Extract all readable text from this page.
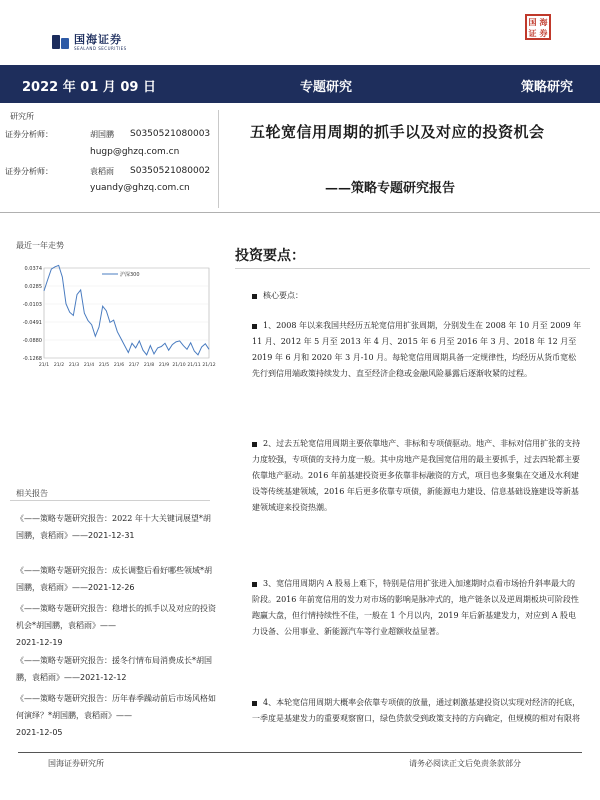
国海证券
SEALAND SECURITIES
国 海
证 券
2022 年 01 月 09 日	专题研究	策略研究
研究所
证券分析师：	胡国鹏 S0350521080003
hugp@ghzq.com.cn
证券分析师：	袁稻雨 S0350521080002
yuandy@ghzq.com.cn
五轮宽信用周期的抓手以及对应的投资机会
——策略专题研究报告
最近一年走势
0.0374
0.0285
-0.0103
-0.0491
-0.0880
-0.1268
21/1 21/2 21/3 21/4 21/5 21/6 21/7 21/8 21/9 21/10 21/11 21/12
沪深300
相关报告
《——策略专题研究报告：2022 年十大关键词展望*胡国鹏，袁稻雨》——2021-12-31
《——策略专题研究报告：成长调整后看好哪些领域*胡国鹏，袁稻雨》——2021-12-26
《——策略专题研究报告：稳增长的抓手以及对应的投资机会*胡国鹏，袁稻雨》——
2021-12-19
《——策略专题研究报告：援冬行情布局消费成长*胡国鹏，袁稻雨》——2021-12-12
《——策略专题研究报告：历年春季躁动前后市场风格如何演绎？*胡国鹏，袁稻雨》——
2021-12-05
投资要点：
核心要点：
1、2008 年以来我国共经历五轮宽信用扩张周期，分别发生在 2008 年 10 月至 2009 年 11 月、2012 年 5 月至 2013 年 4 月、2015 年 6 月至 2016 年 3 月、2018 年 12 月至 2019 年 6 月和 2020 年 3 月-10 月。每轮宽信用周期具备一定规律性，均经历从货币宽松先行到信用端政策持续发力、直至经济企稳或金融风险暴露后逐渐收紧的过程。
2、过去五轮宽信用周期主要依靠地产、非标和专项债驱动。地产、非标对信用扩张的支持力度较强，专项债的支持力度一般。其中房地产是我国宽信用的最主要抓手，过去四轮都主要依靠地产驱动。2016 年前基建投资更多依靠非标融资的方式，项目也多聚集在交通及水利建设等传统基建领域，2016 年后更多依靠专项债，新能源电力建设、信息基础设施建设等新基建领域迎来投资热潮。
3、宽信用周期内 A 股易上难下，特别是信用扩张进入加速期时点看市场抬升斜率最大的阶段。2016 年前宽信用的发力对市场的影响是脉冲式的，地产链条以及逆周期板块可阶段性跑赢大盘，但行情持续性不佳，一般在 1 个月以内，2019 年后新基建发力，对应到 A 股电力设备、公用事业、新能源汽车等行业超额收益显著。
4、本轮宽信用周期大概率会依靠专项债的放量，通过刺激基建投资以实现对经济的托底，一季度是基建发力的重要观察窗口，绿色贷款受到政策支持的方向确定，但规模的相对有限将
国海证券研究所	请务必阅读正文后免责条款部分
